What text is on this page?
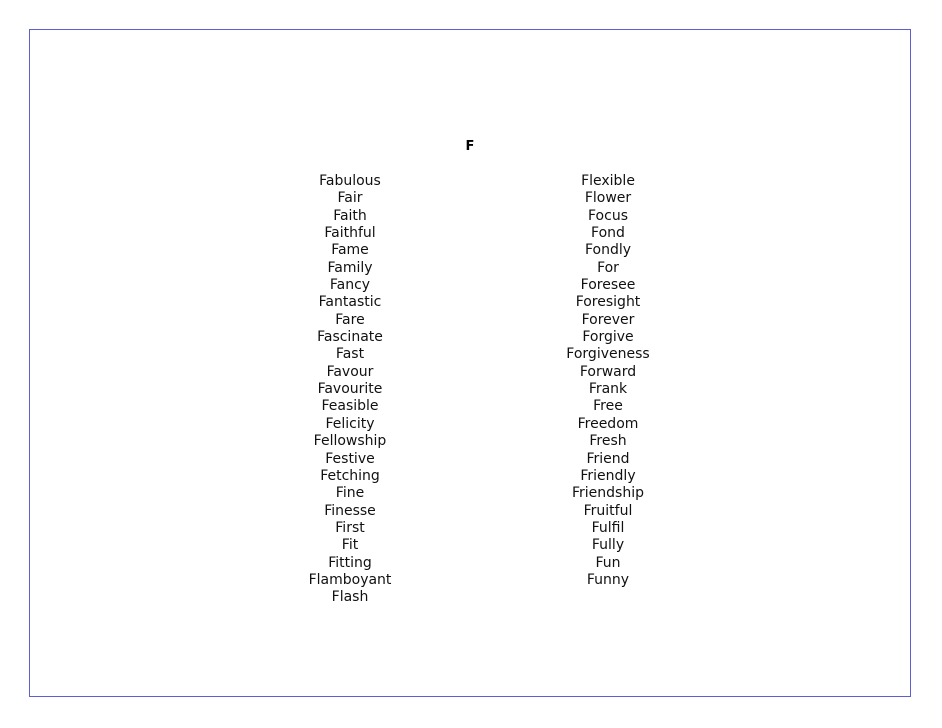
F
Fabulous
Fair
Faith
Faithful
Fame
Family
Fancy
Fantastic
Fare
Fascinate
Fast
Favour
Favourite
Feasible
Felicity
Fellowship
Festive
Fetching
Fine
Finesse
First
Fit
Fitting
Flamboyant
Flash
Flexible
Flower
Focus
Fond
Fondly
For
Foresee
Foresight
Forever
Forgive
Forgiveness
Forward
Frank
Free
Freedom
Fresh
Friend
Friendly
Friendship
Fruitful
Fulfil
Fully
Fun
Funny
